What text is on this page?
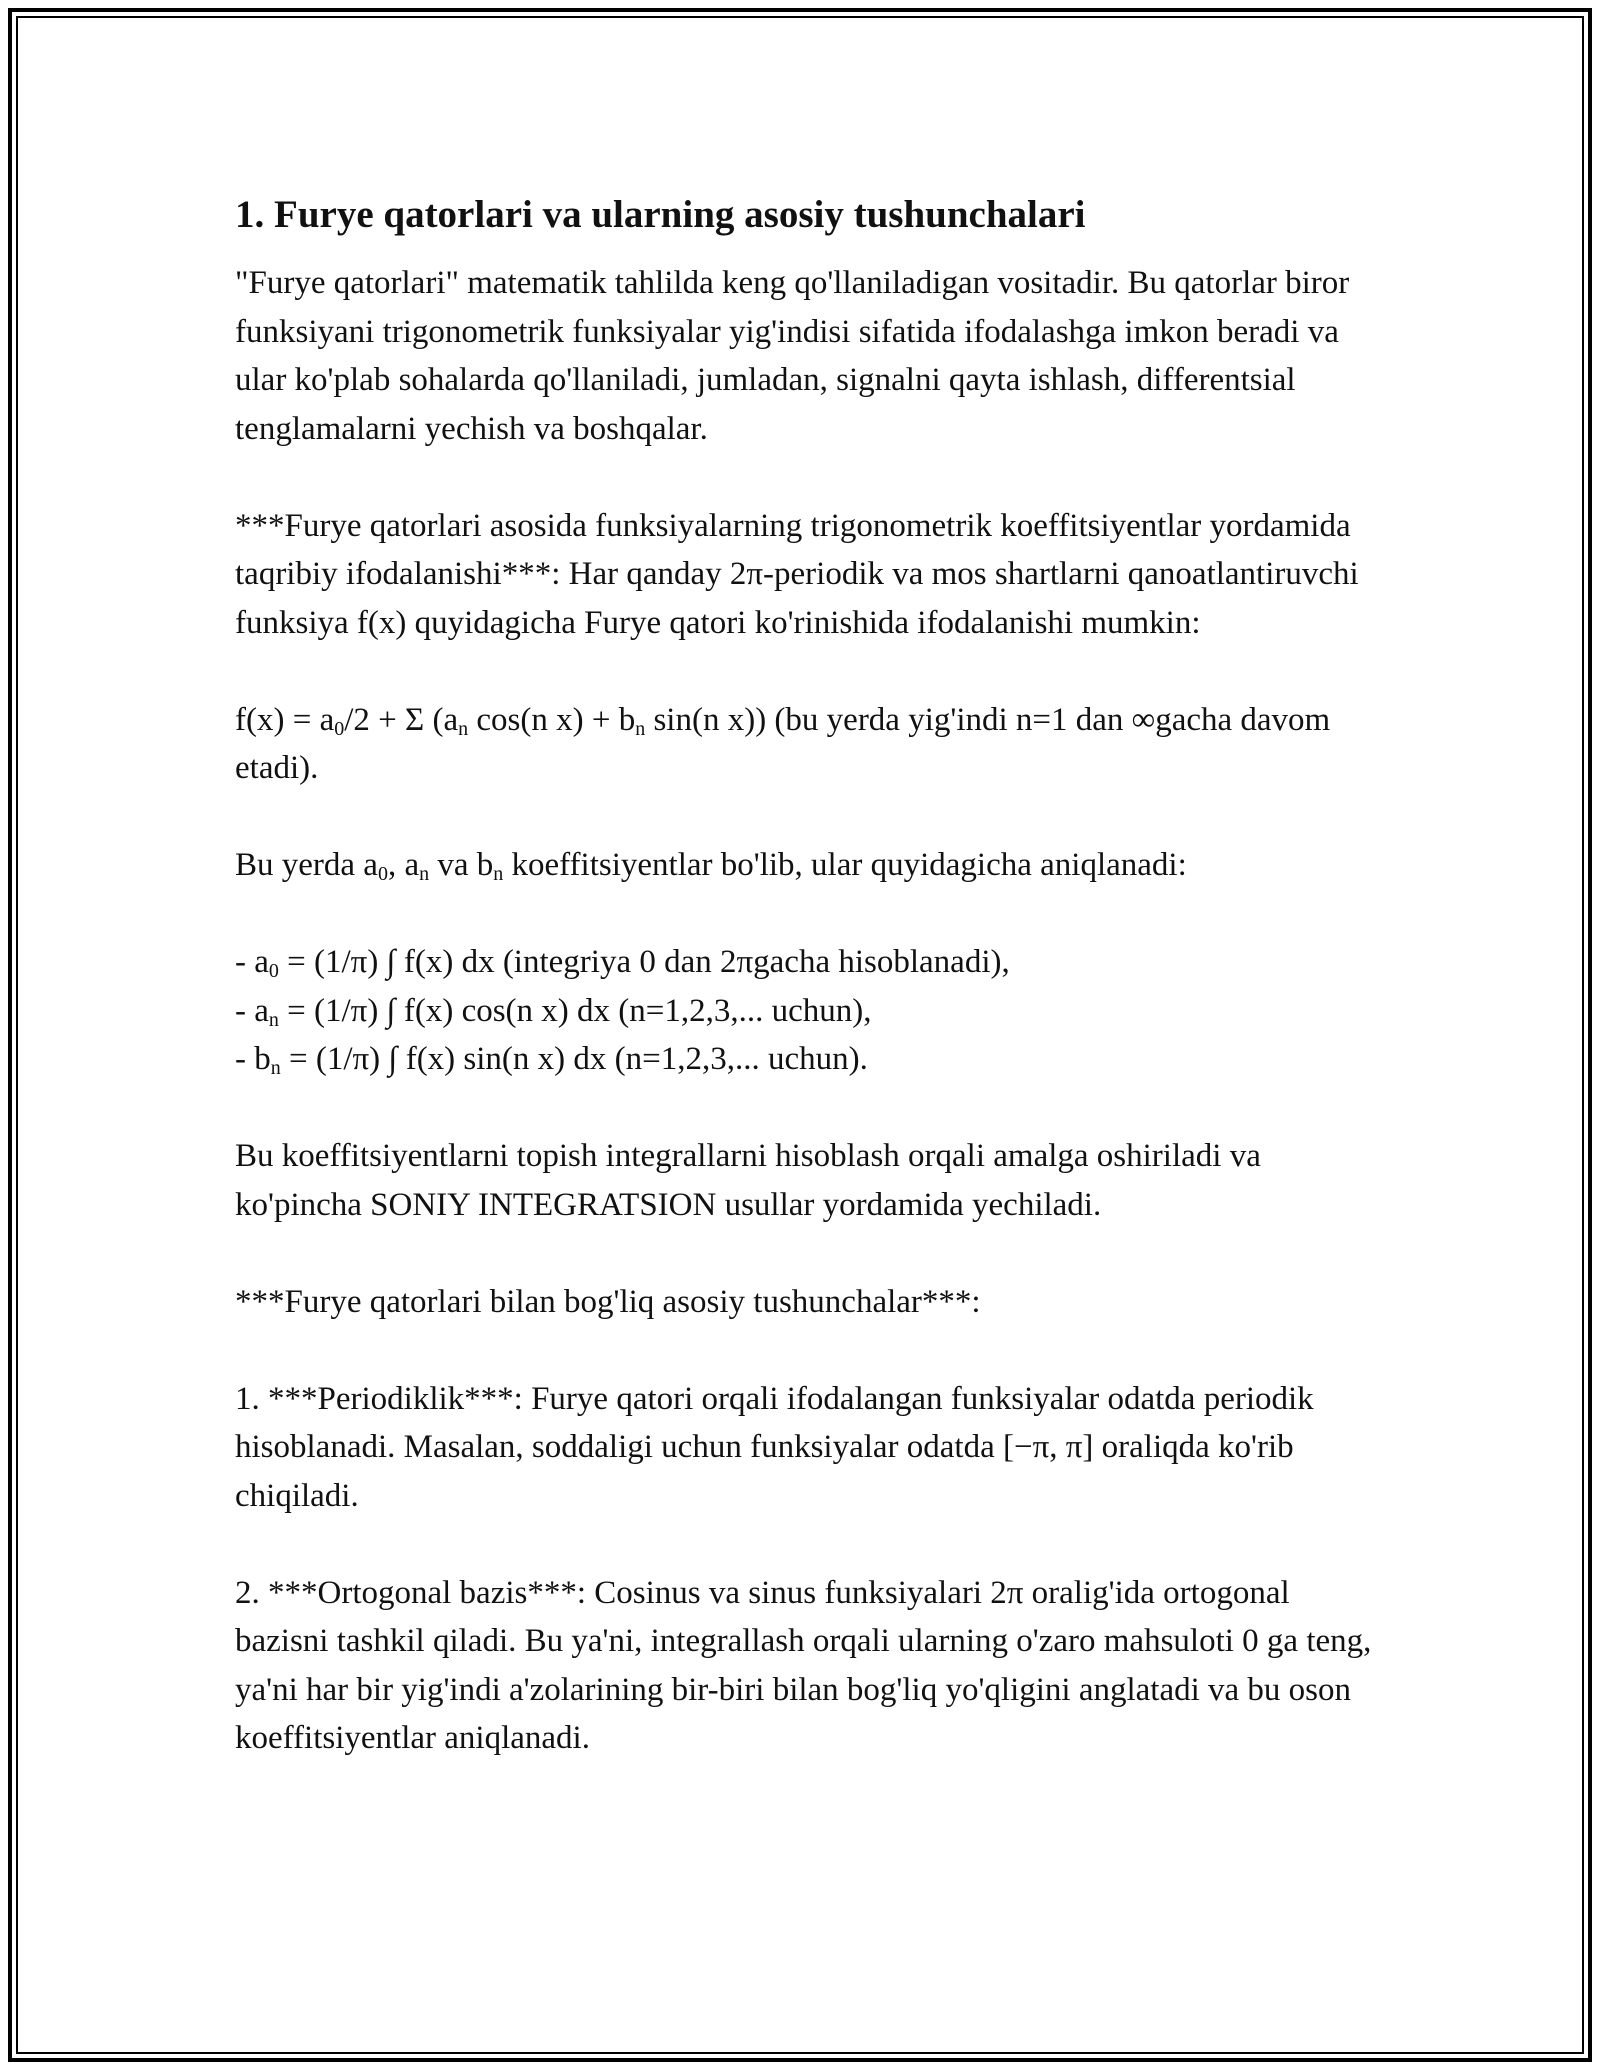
1. Furye qatorlari va ularning asosiy tushunchalari

"Furye qatorlari" matematik tahlilda keng qo'llaniladigan vositadir. Bu qatorlar biror funksiyani trigonometrik funksiyalar yig'indisi sifatida ifodalashga imkon beradi va ular ko'plab sohalarda qo'llaniladi, jumladan, signalni qayta ishlash, differentsial tenglamalarni yechish va boshqalar.

***Furye qatorlari asosida funksiyalarning trigonometrik koeffitsiyentlar yordamida taqribiy ifodalanishi***: Har qanday 2π-periodik va mos shartlarni qanoatlantiruvchi funksiya f(x) quyidagicha Furye qatori ko'rinishida ifodalanishi mumkin:

$f(x) = a_0/2 + \Sigma$ ($a_n$ cos(n $x) + b_n$ sin(n x)) (bu yerda yig'indi n=1 dan ∞gacha davom etadi).

Bu yerda $a_0$, $a_n$ va $b_n$ koeffitsiyentlar bo'lib, ular quyidagicha aniqlanadi:

- $a_0 = (1/\pi)$ ∫ f(x) dx (integriya 0 dan 2πgacha hisoblanadi),
- $a_n = (1/\pi)$ ∫ f(x) cos(n x) dx (n=1,2,3,... uchun),
- $b_n = (1/\pi)$ ∫ f(x) sin(n x) dx (n=1,2,3,... uchun).

Bu koeffitsiyentlarni topish integrallarni hisoblash orqali amalga oshiriladi va ko'pincha SONIY INTEGRATSION usullar yordamida yechiladi.

***Furye qatorlari bilan bog'liq asosiy tushunchalar***:

1. ***Periodiklik***: Furye qatori orqali ifodalangan funksiyalar odatda periodik hisoblanadi. Masalan, soddaligi uchun funksiyalar odatda [−π, π] oraliqda ko'rib chiqiladi.

2. ***Ortogonal bazis***: Cosinus va sinus funksiyalari 2π oralig'ida ortogonal bazisni tashkil qiladi. Bu ya'ni, integrallash orqali ularning o'zaro mahsuloti 0 ga teng, ya'ni har bir yig'indi a'zolarining bir-biri bilan bog'liq yo'qligini anglatadi va bu oson koeffitsiyentlar aniqlanadi.
